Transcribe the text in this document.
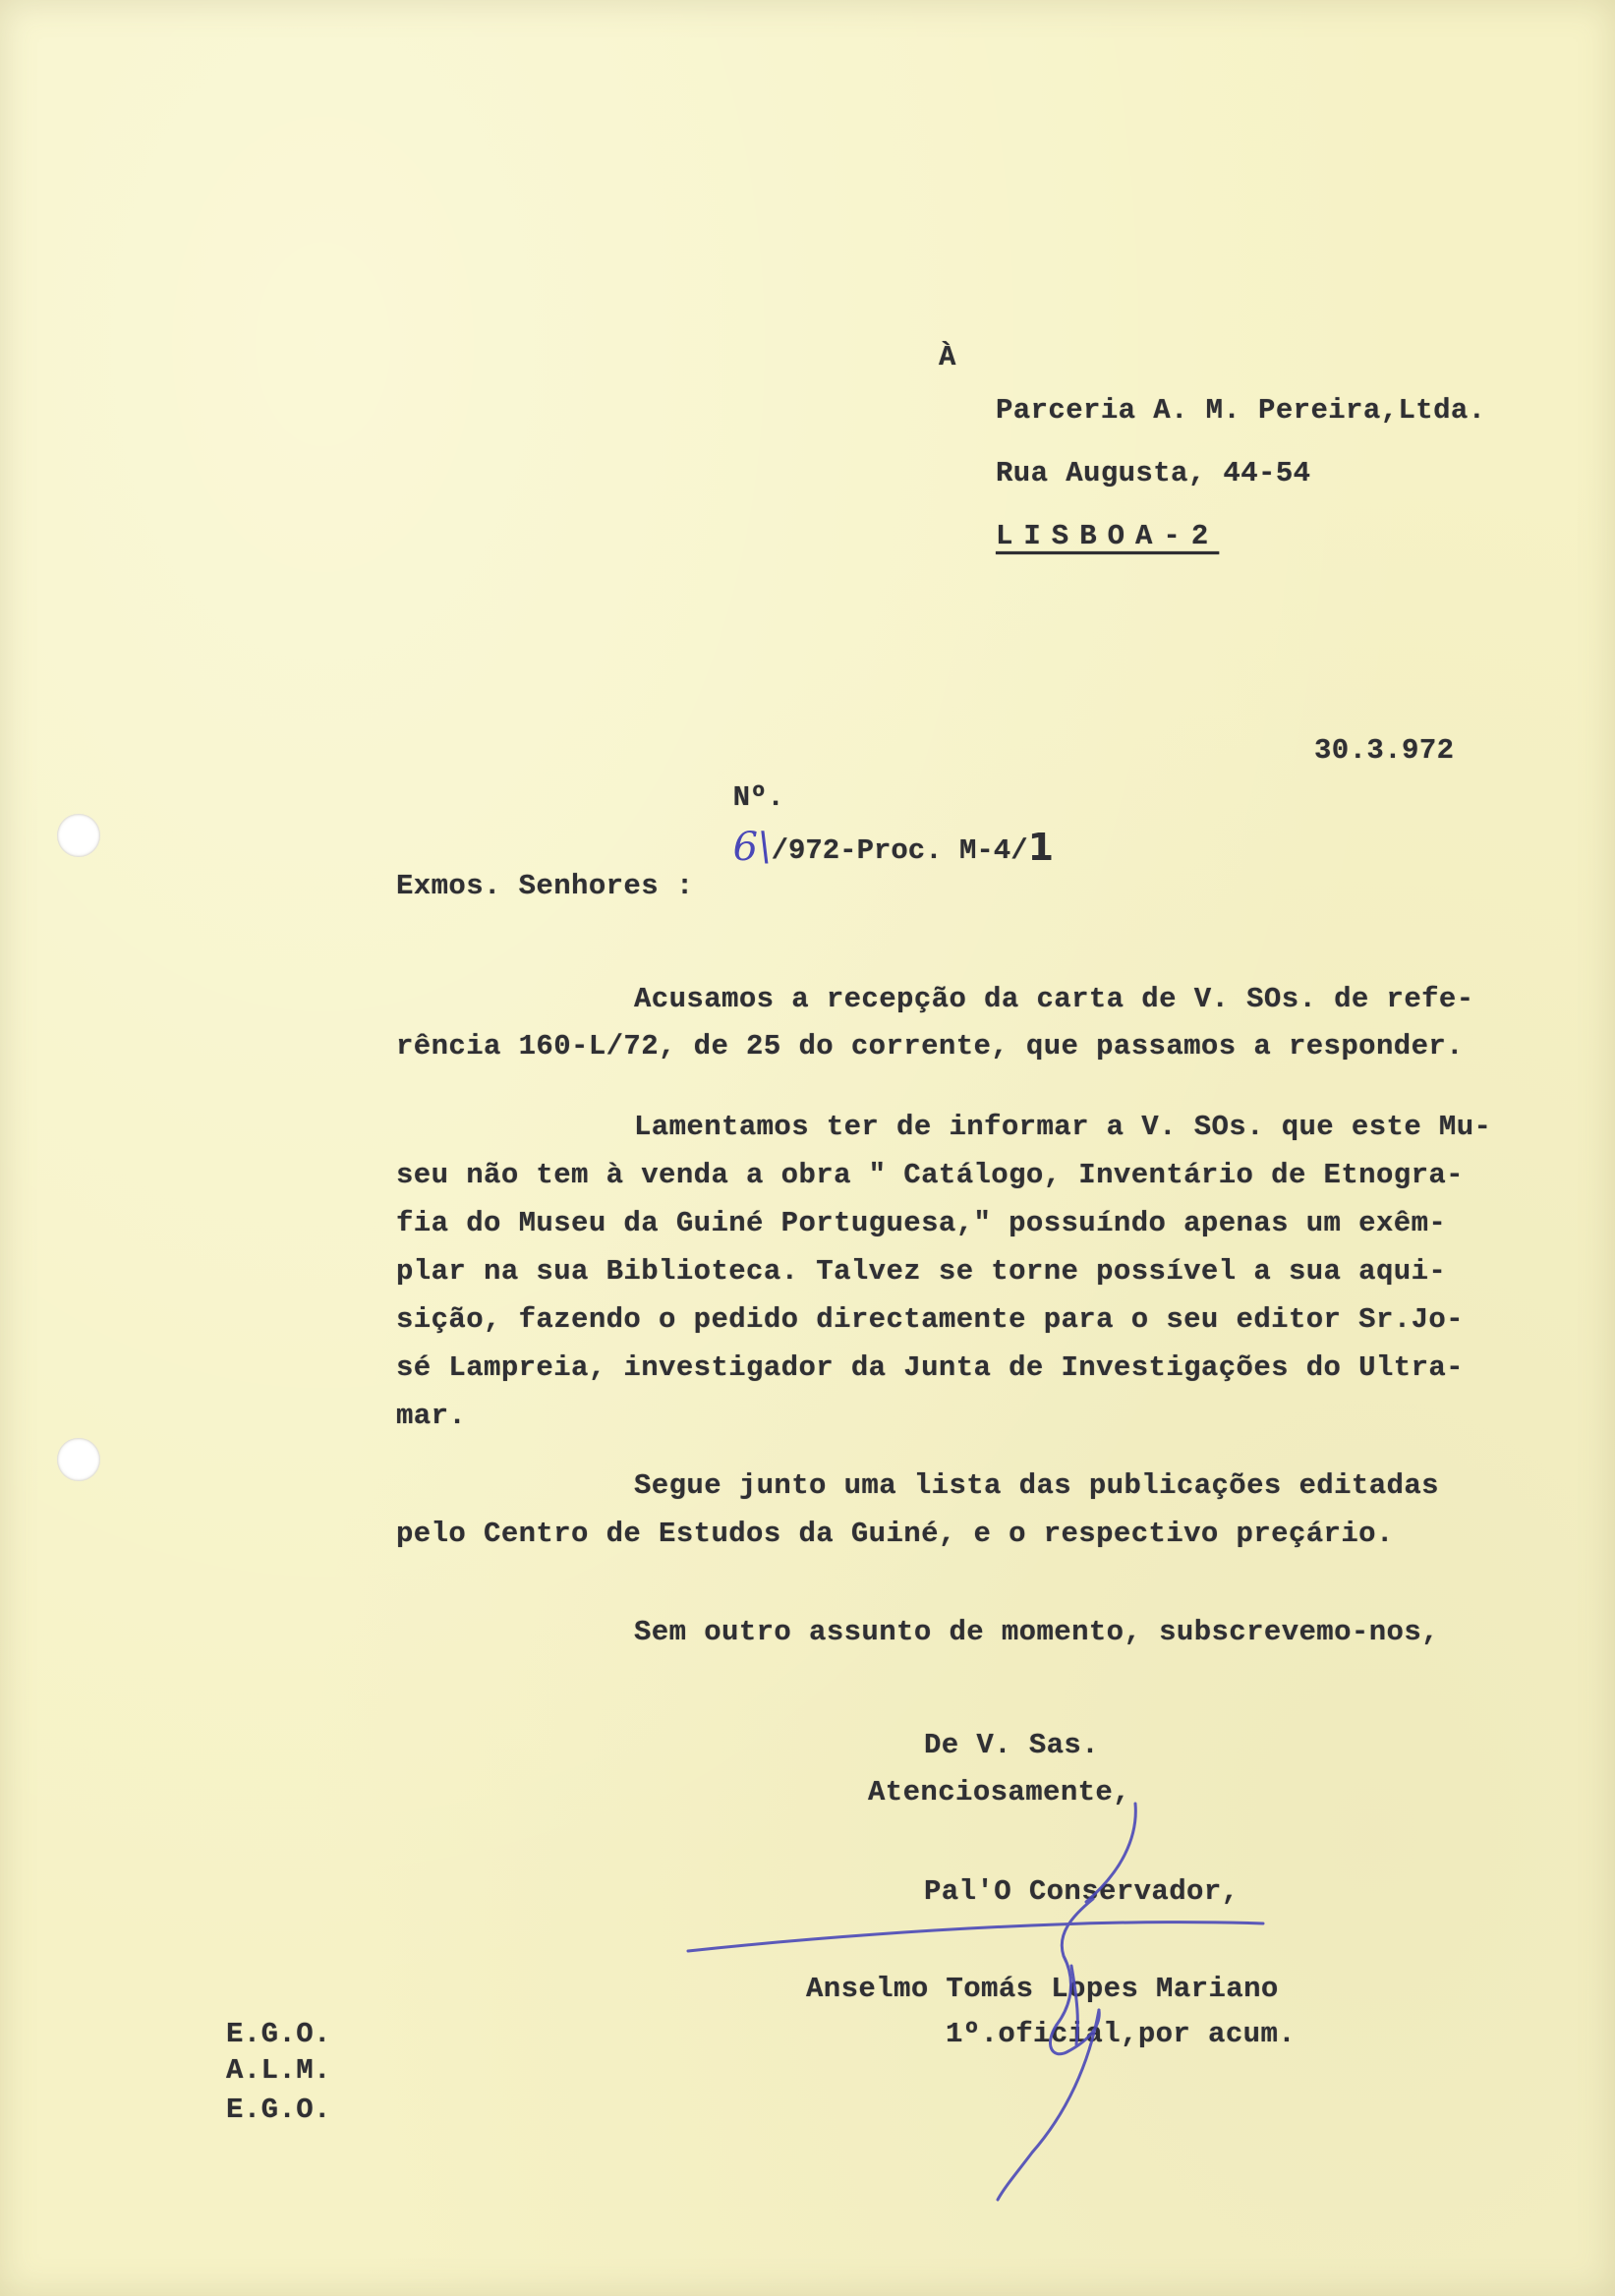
À

Parceria A. M. Pereira,Ltda.

Rua Augusta, 44-54

LISBOA-2

Nº.
6\/972-Proc. M-4/1

30.3.972

Exmos. Senhores :

Acusamos a recepção da carta de V. SOs. de refe-

rência 160-L/72, de 25 do corrente, que passamos a responder.

Lamentamos ter de informar a V. SOs. que este Mu-

seu não tem à venda a obra " Catálogo, Inventário de Etnogra-

fia do Museu da Guiné Portuguesa," possuíndo apenas um exêm-

plar na sua Biblioteca. Talvez se torne possível a sua aqui-

sição, fazendo o pedido directamente para o seu editor Sr.Jo-

sé Lampreia, investigador da Junta de Investigações do Ultra-

mar.

Segue junto uma lista das publicações editadas

pelo Centro de Estudos da Guiné, e o respectivo preçário.

Sem outro assunto de momento, subscrevemo-nos,

De V. Sas.

Atenciosamente,

Pal'O Conservador,

Anselmo Tomás Lopes Mariano

1º.oficial,por acum.

E.G.O.

A.L.M.

E.G.O.
